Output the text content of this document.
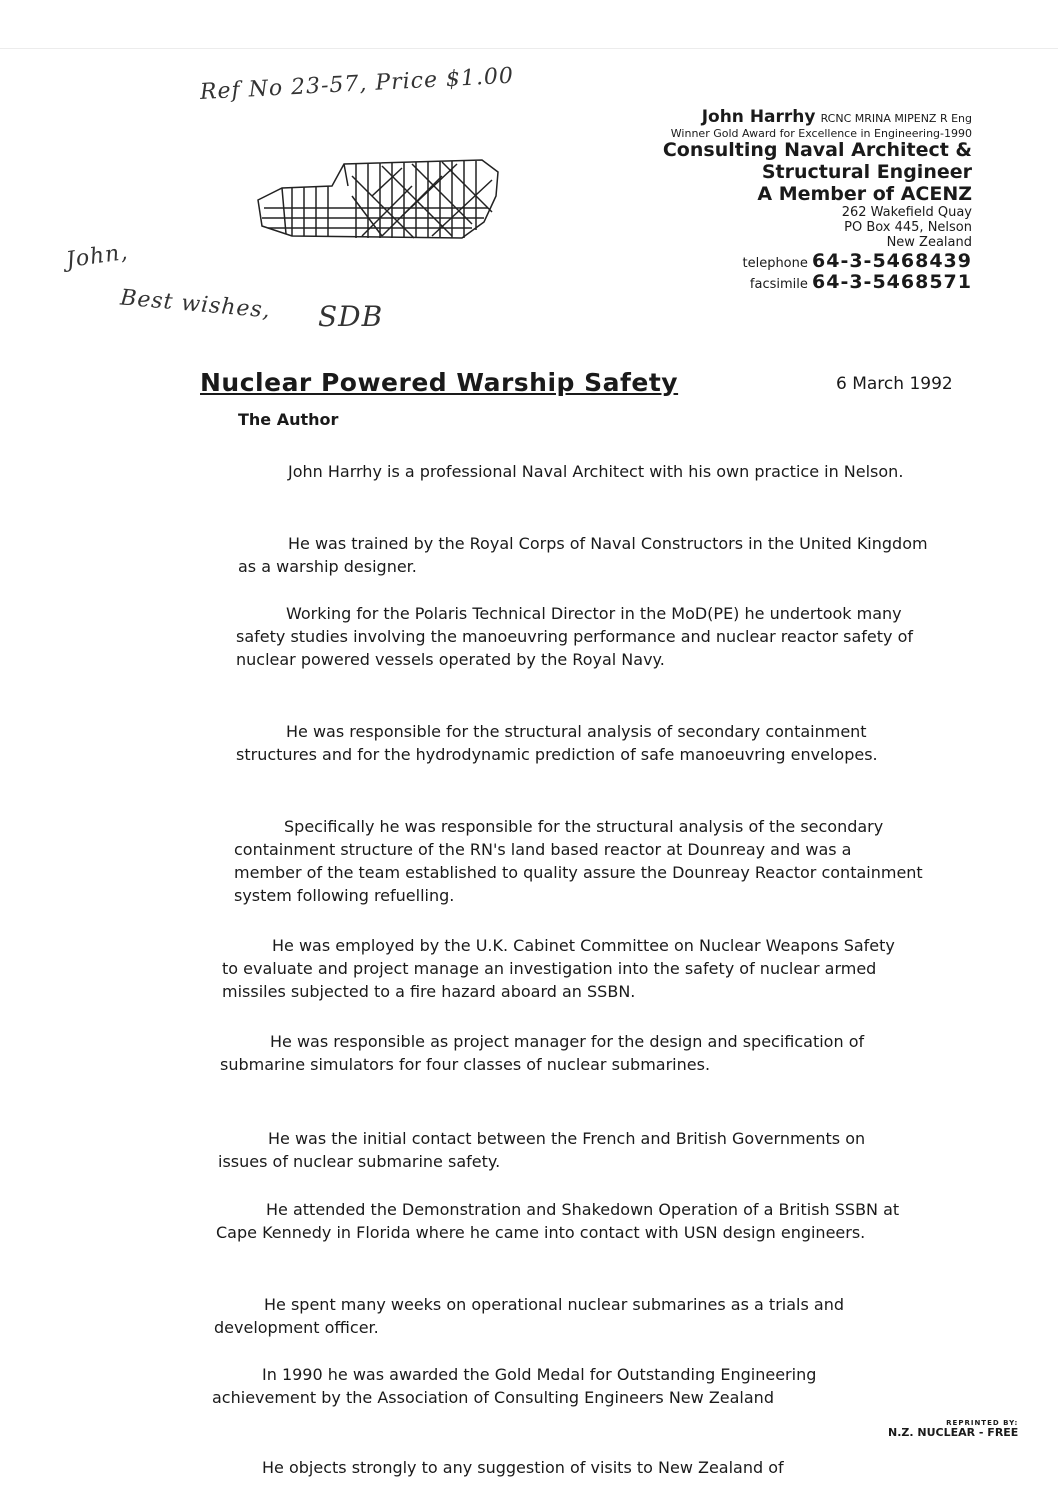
Ref No 23-57, Price $1.00
John,
Best wishes, SDB
John Harrhy RCNC MRINA MIPENZ R Eng
Winner Gold Award for Excellence in Engineering-1990
Consulting Naval Architect &
Structural Engineer
A Member of ACENZ
262 Wakefield Quay
PO Box 445, Nelson
New Zealand
telephone 64-3-5468439
facsimile 64-3-5468571
Nuclear Powered Warship Safety	6 March 1992
The Author
John Harrhy is a professional Naval Architect with his own practice in Nelson.
He was trained by the Royal Corps of Naval Constructors in the United Kingdom as a warship designer.
Working for the Polaris Technical Director in the MoD(PE) he undertook many safety studies involving the manoeuvring performance and nuclear reactor safety of nuclear powered vessels operated by the Royal Navy.
He was responsible for the structural analysis of secondary containment structures and for the hydrodynamic prediction of safe manoeuvring envelopes.
Specifically he was responsible for the structural analysis of the secondary containment structure of the RN's land based reactor at Dounreay and was a member of the team established to quality assure the Dounreay Reactor containment system following refuelling.
He was employed by the U.K. Cabinet Committee on Nuclear Weapons Safety to evaluate and project manage an investigation into the safety of nuclear armed missiles subjected to a fire hazard aboard an SSBN.
He was responsible as project manager for the design and specification of submarine simulators for four classes of nuclear submarines.
He was the initial contact between the French and British Governments on issues of nuclear submarine safety.
He attended the Demonstration and Shakedown Operation of a British SSBN at Cape Kennedy in Florida where he came into contact with USN design engineers.
He spent many weeks on operational nuclear submarines as a trials and development officer.
In 1990 he was awarded the Gold Medal for Outstanding Engineering achievement by the Association of Consulting Engineers New Zealand
He objects strongly to any suggestion of visits to New Zealand of
REPRINTED BY:
N.Z. NUCLEAR - FREE
